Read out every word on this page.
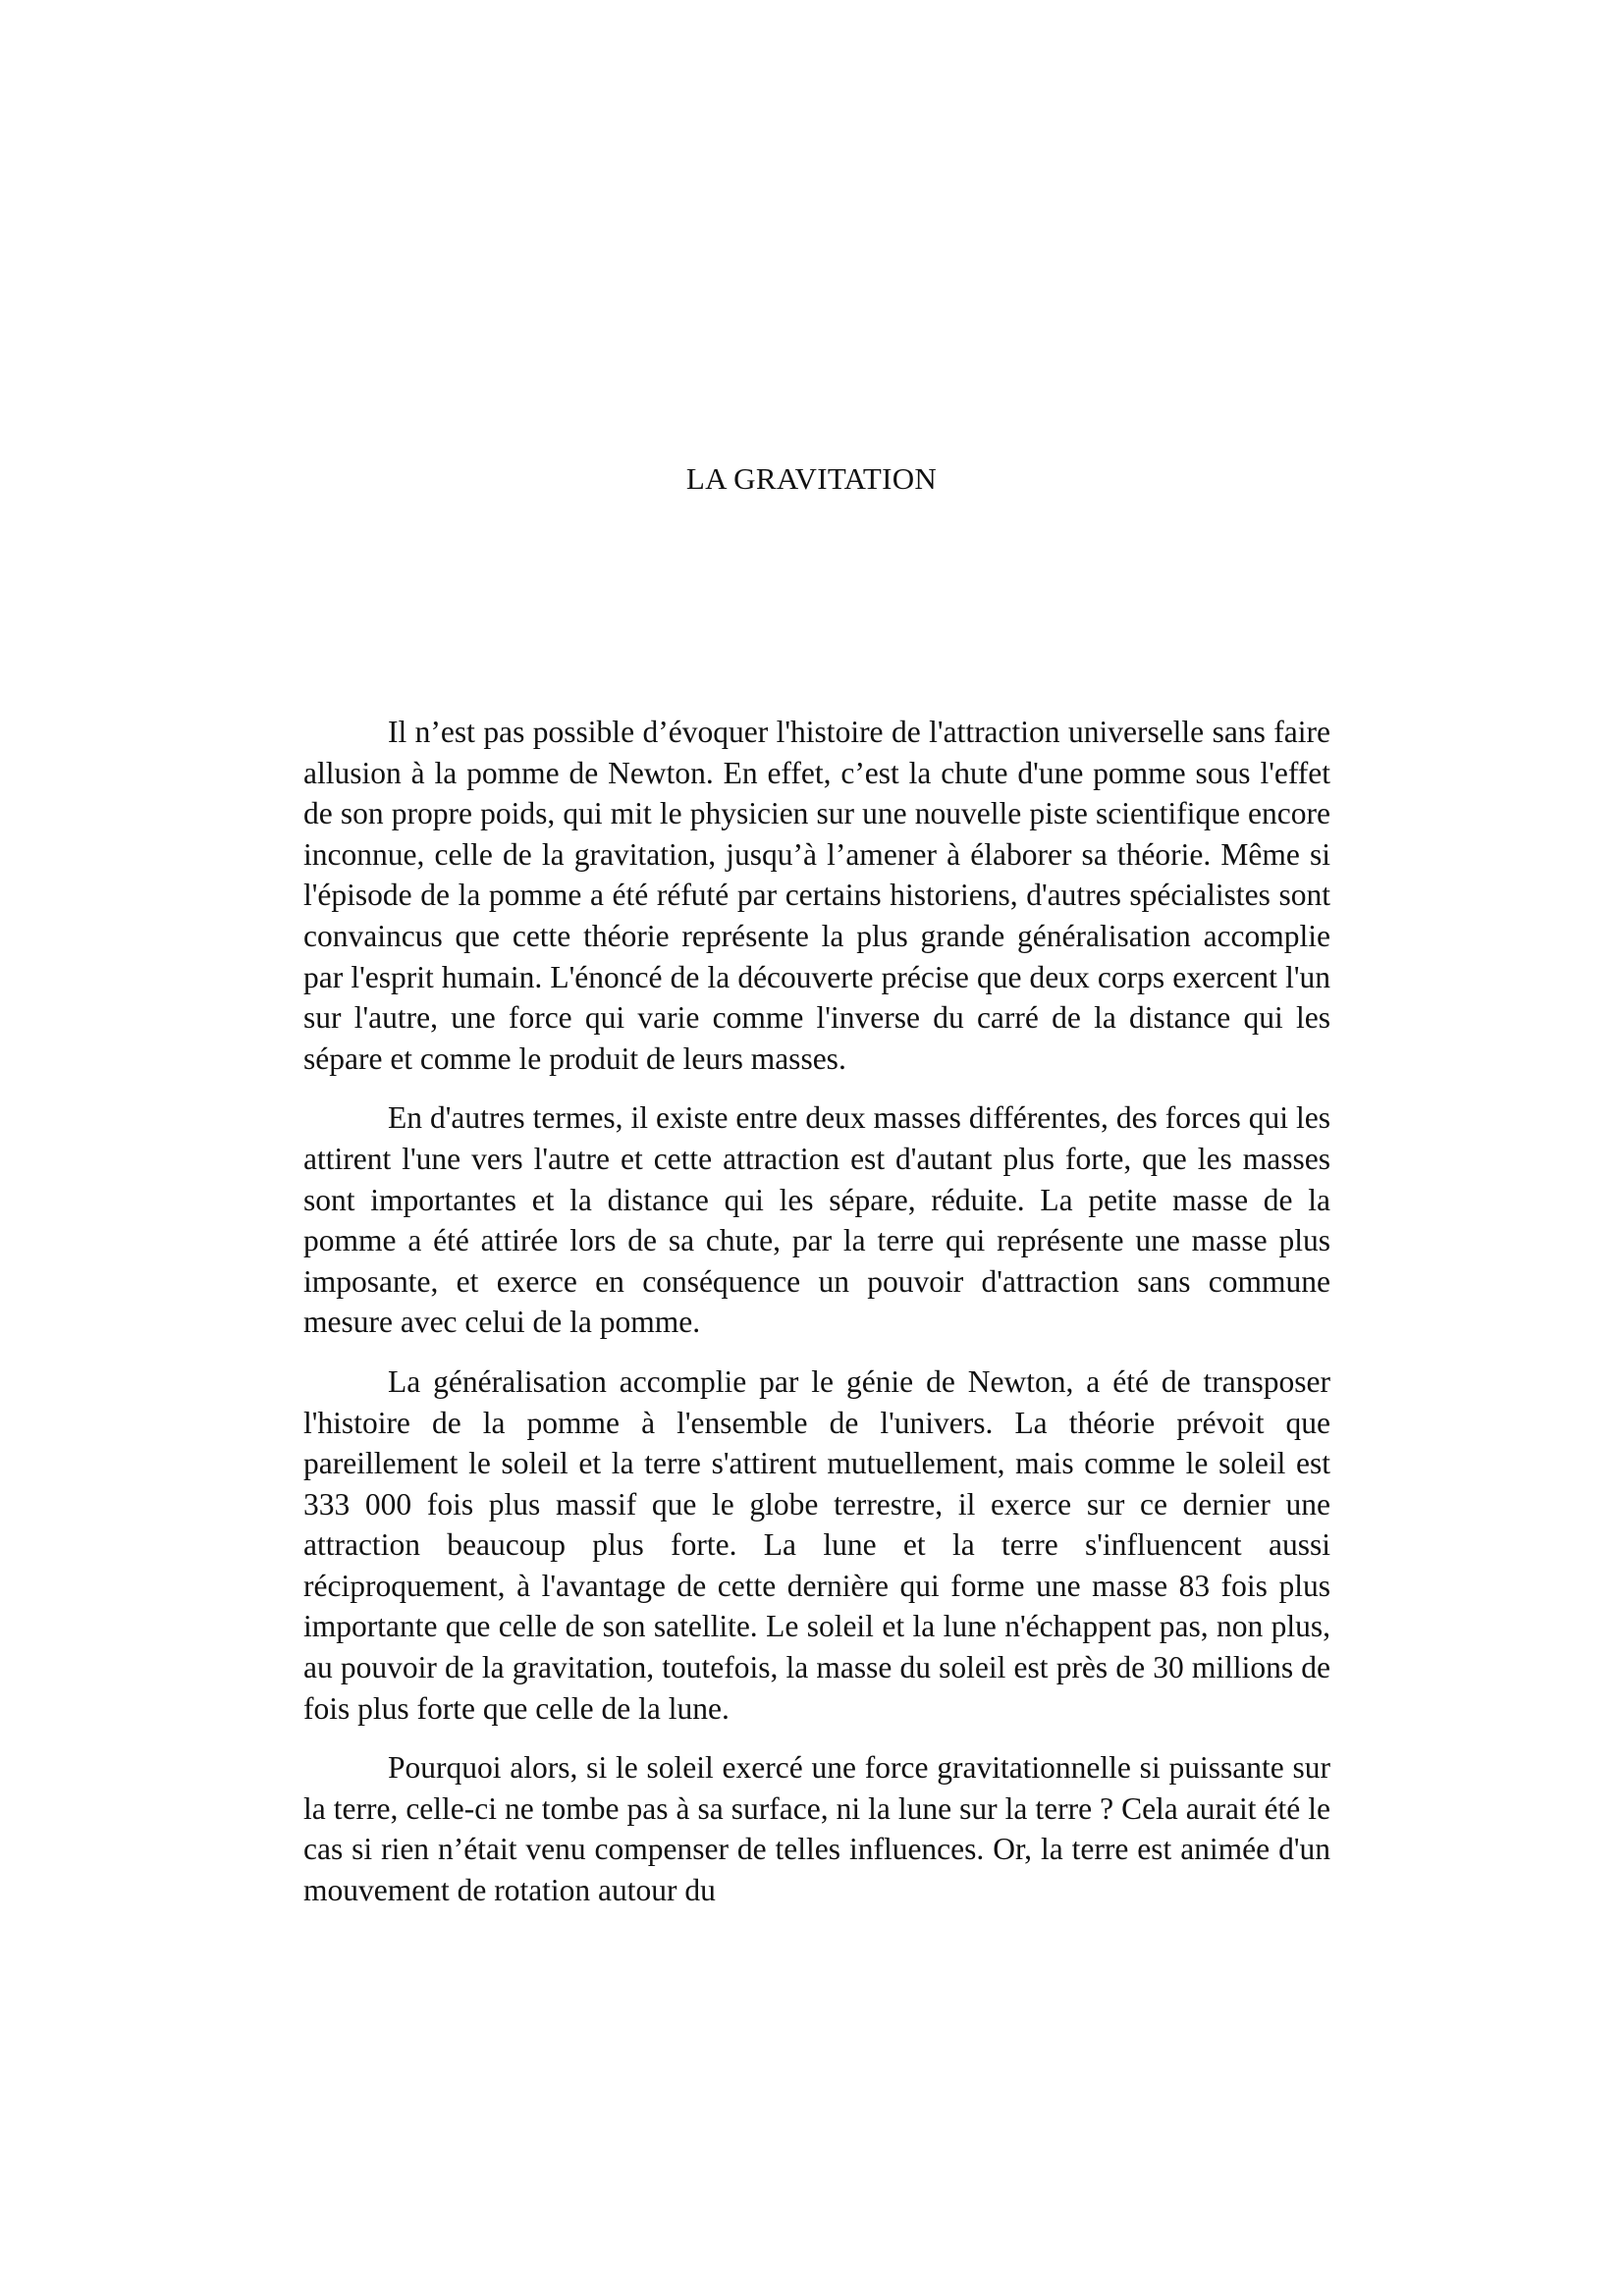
LA GRAVITATION

Il n’est pas possible d’évoquer l'histoire de l'attraction universelle sans faire allusion à la pomme de Newton. En effet, c’est la chute d'une pomme sous l'effet de son propre poids, qui mit le physicien sur une nouvelle piste scientifique encore inconnue, celle de la gravitation, jusqu’à l’amener à élaborer sa théorie. Même si l'épisode de la pomme a été réfuté par certains historiens, d'autres spécialistes sont convaincus que cette théorie représente la plus grande généralisation accomplie par l'esprit humain. L'énoncé de la découverte précise que deux corps exercent l'un sur l'autre, une force qui varie comme l'inverse du carré de la distance qui les sépare et comme le produit de leurs masses.

En d'autres termes, il existe entre deux masses différentes, des forces qui les attirent l'une vers l'autre et cette attraction est d'autant plus forte, que les masses sont importantes et la distance qui les sépare, réduite. La petite masse de la pomme a été attirée lors de sa chute, par la terre qui représente une masse plus imposante, et exerce en conséquence un pouvoir d'attraction sans commune mesure avec celui de la pomme.

La généralisation accomplie par le génie de Newton, a été de transposer l'histoire de la pomme à l'ensemble de l'univers. La théorie prévoit que pareillement le soleil et la terre s'attirent mutuellement, mais comme le soleil est 333 000 fois plus massif que le globe terrestre, il exerce sur ce dernier une attraction beaucoup plus forte. La lune et la terre s'influencent aussi réciproquement, à l'avantage de cette dernière qui forme une masse 83 fois plus importante que celle de son satellite. Le soleil et la lune n'échappent pas, non plus, au pouvoir de la gravitation, toutefois, la masse du soleil est près de 30 millions de fois plus forte que celle de la lune.

Pourquoi alors, si le soleil exercé une force gravitationnelle si puissante sur la terre, celle-ci ne tombe pas à sa surface, ni la lune sur la terre ? Cela aurait été le cas si rien n’était venu compenser de telles influences. Or, la terre est animée d'un mouvement de rotation autour du
